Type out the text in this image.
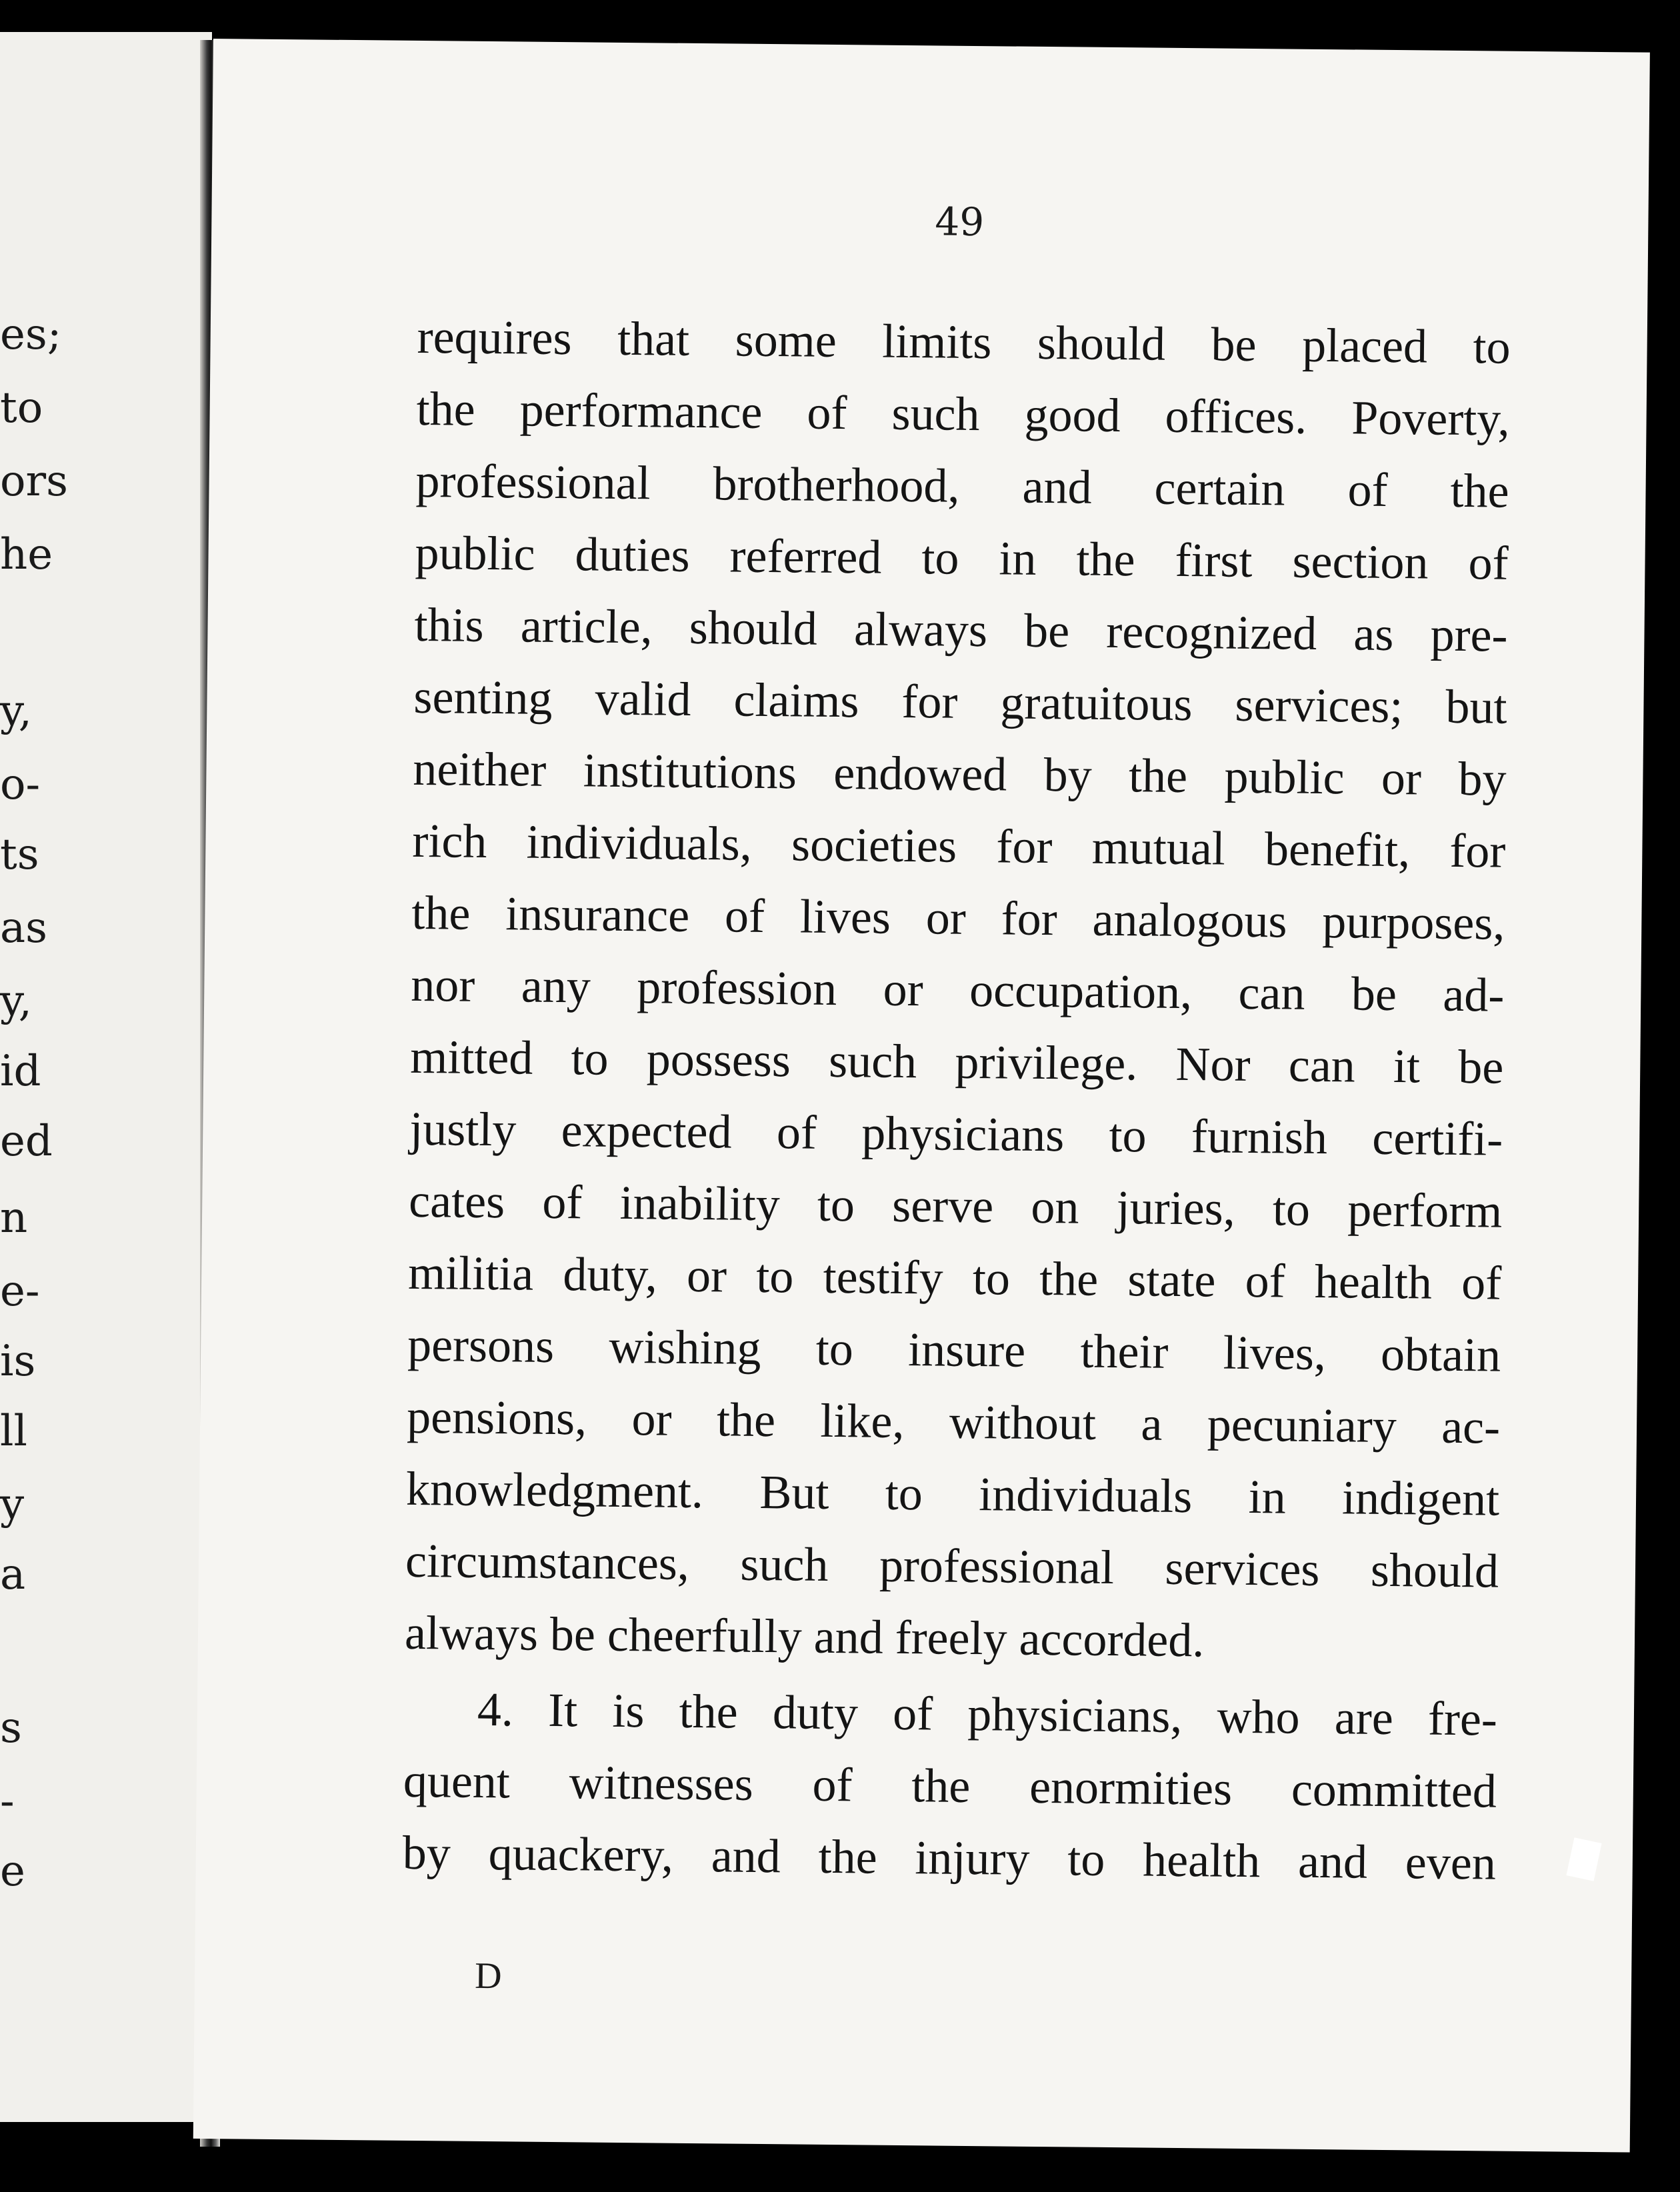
es;
to
ors
he
y,
o-
ts
as
y,
id
ed
n
e-
is
ll
y
a
s
-
e
49
requires that some limits should be placed to
the performance of such good offices. Poverty,
professional brotherhood, and certain of the
public duties referred to in the first section of
this article, should always be recognized as pre-
senting valid claims for gratuitous services; but
neither institutions endowed by the public or by
rich individuals, societies for mutual benefit, for
the insurance of lives or for analogous purposes,
nor any profession or occupation, can be ad-
mitted to possess such privilege. Nor can it be
justly expected of physicians to furnish certifi-
cates of inability to serve on juries, to perform
militia duty, or to testify to the state of health of
persons wishing to insure their lives, obtain
pensions, or the like, without a pecuniary ac-
knowledgment. But to individuals in indigent
circumstances, such professional services should
always be cheerfully and freely accorded.
4. It is the duty of physicians, who are fre-
quent witnesses of the enormities committed
by quackery, and the injury to health and even
D
